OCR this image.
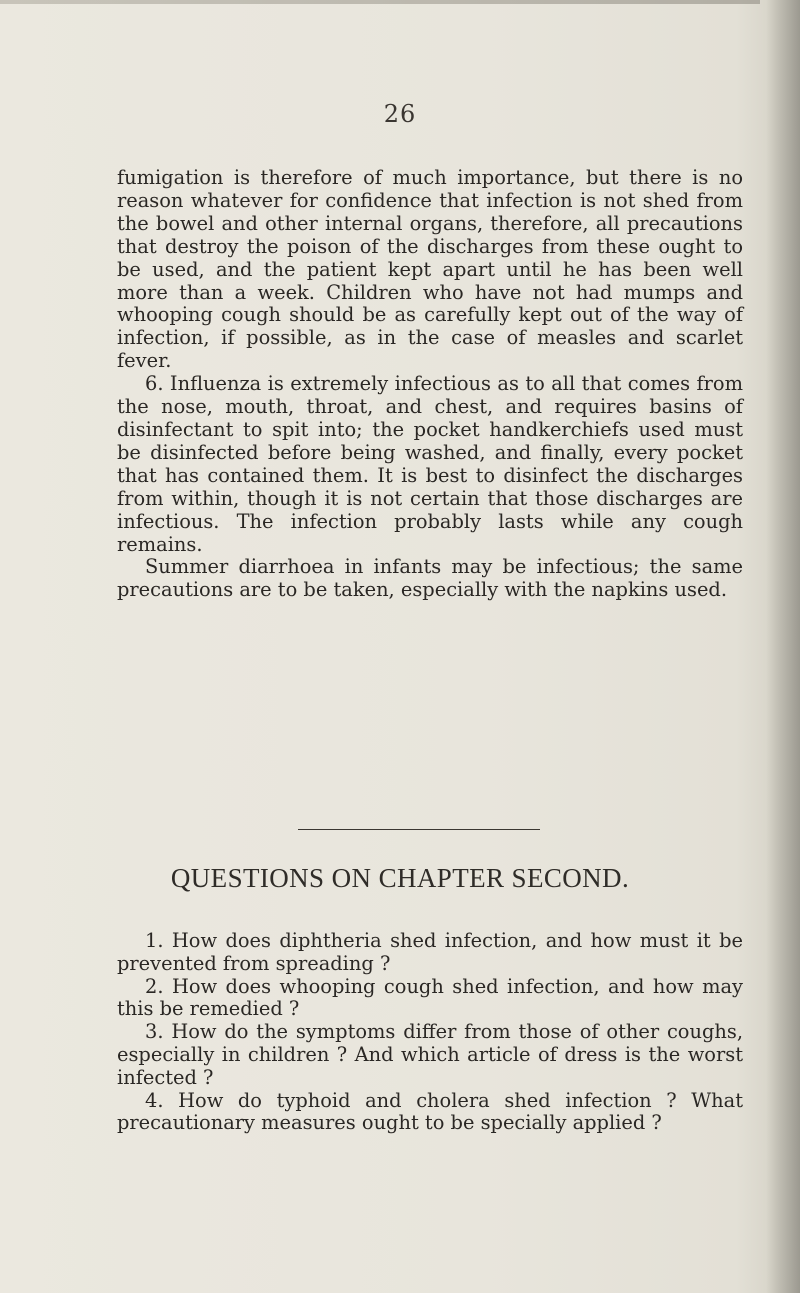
26

fumigation is therefore of much importance, but there is no reason whatever for confidence that infection is not shed from the bowel and other internal organs, therefore, all precautions that destroy the poison of the discharges from these ought to be used, and the patient kept apart until he has been well more than a week. Children who have not had mumps and whooping cough should be as carefully kept out of the way of infection, if possible, as in the case of measles and scarlet fever.

6. Influenza is extremely infectious as to all that comes from the nose, mouth, throat, and chest, and requires basins of disinfectant to spit into; the pocket handkerchiefs used must be disinfected before being washed, and finally, every pocket that has contained them. It is best to disinfect the discharges from within, though it is not certain that those discharges are infectious. The infection probably lasts while any cough remains.

Summer diarrhoea in infants may be infectious; the same precautions are to be taken, especially with the napkins used.

QUESTIONS ON CHAPTER SECOND.

1. How does diphtheria shed infection, and how must it be prevented from spreading ?

2. How does whooping cough shed infection, and how may this be remedied ?

3. How do the symptoms differ from those of other coughs, especially in children ? And which article of dress is the worst infected ?

4. How do typhoid and cholera shed infection ? What precautionary measures ought to be specially applied ?
